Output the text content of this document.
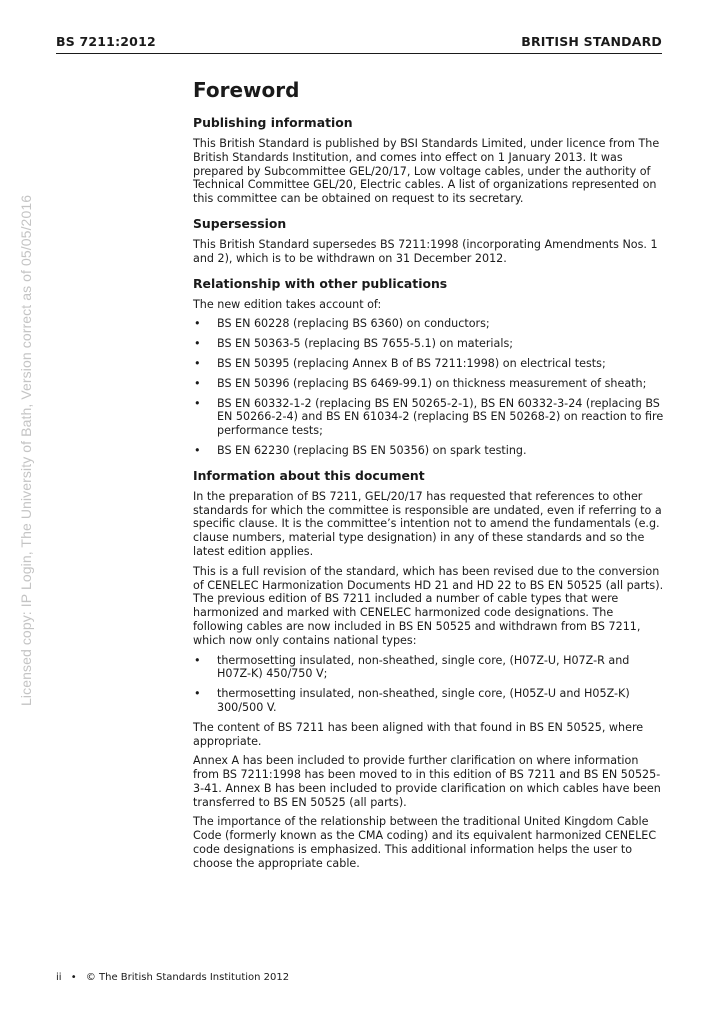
BS 7211:2012	BRITISH STANDARD
Licensed copy: IP Login, The University of Bath, Version correct as of 05/05/2016
Foreword
Publishing information

This British Standard is published by BSI Standards Limited, under licence from The British Standards Institution, and comes into effect on 1 January 2013. It was prepared by Subcommittee GEL/20/17, Low voltage cables, under the authority of Technical Committee GEL/20, Electric cables. A list of organizations represented on this committee can be obtained on request to its secretary.

Supersession

This British Standard supersedes BS 7211:1998 (incorporating Amendments Nos. 1 and 2), which is to be withdrawn on 31 December 2012.

Relationship with other publications

The new edition takes account of:

• BS EN 60228 (replacing BS 6360) on conductors;
• BS EN 50363-5 (replacing BS 7655-5.1) on materials;
• BS EN 50395 (replacing Annex B of BS 7211:1998) on electrical tests;
• BS EN 50396 (replacing BS 6469-99.1) on thickness measurement of sheath;
• BS EN 60332-1-2 (replacing BS EN 50265-2-1), BS EN 60332-3-24 (replacing BS EN 50266-2-4) and BS EN 61034-2 (replacing BS EN 50268-2) on reaction to fire performance tests;
• BS EN 62230 (replacing BS EN 50356) on spark testing.
Information about this document

In the preparation of BS 7211, GEL/20/17 has requested that references to other standards for which the committee is responsible are undated, even if referring to a specific clause. It is the committee’s intention not to amend the fundamentals (e.g. clause numbers, material type designation) in any of these standards and so the latest edition applies.

This is a full revision of the standard, which has been revised due to the conversion of CENELEC Harmonization Documents HD 21 and HD 22 to BS EN 50525 (all parts). The previous edition of BS 7211 included a number of cable types that were harmonized and marked with CENELEC harmonized code designations. The following cables are now included in BS EN 50525 and withdrawn from BS 7211, which now only contains national types:

• thermosetting insulated, non-sheathed, single core, (H07Z-U, H07Z-R and H07Z-K) 450/750 V;
• thermosetting insulated, non-sheathed, single core, (H05Z-U and H05Z-K) 300/500 V.

The content of BS 7211 has been aligned with that found in BS EN 50525, where appropriate.

Annex A has been included to provide further clarification on where information from BS 7211:1998 has been moved to in this edition of BS 7211 and BS EN 50525-3-41. Annex B has been included to provide clarification on which cables have been transferred to BS EN 50525 (all parts).

The importance of the relationship between the traditional United Kingdom Cable Code (formerly known as the CMA coding) and its equivalent harmonized CENELEC code designations is emphasized. This additional information helps the user to choose the appropriate cable.

ii • © The British Standards Institution 2012
